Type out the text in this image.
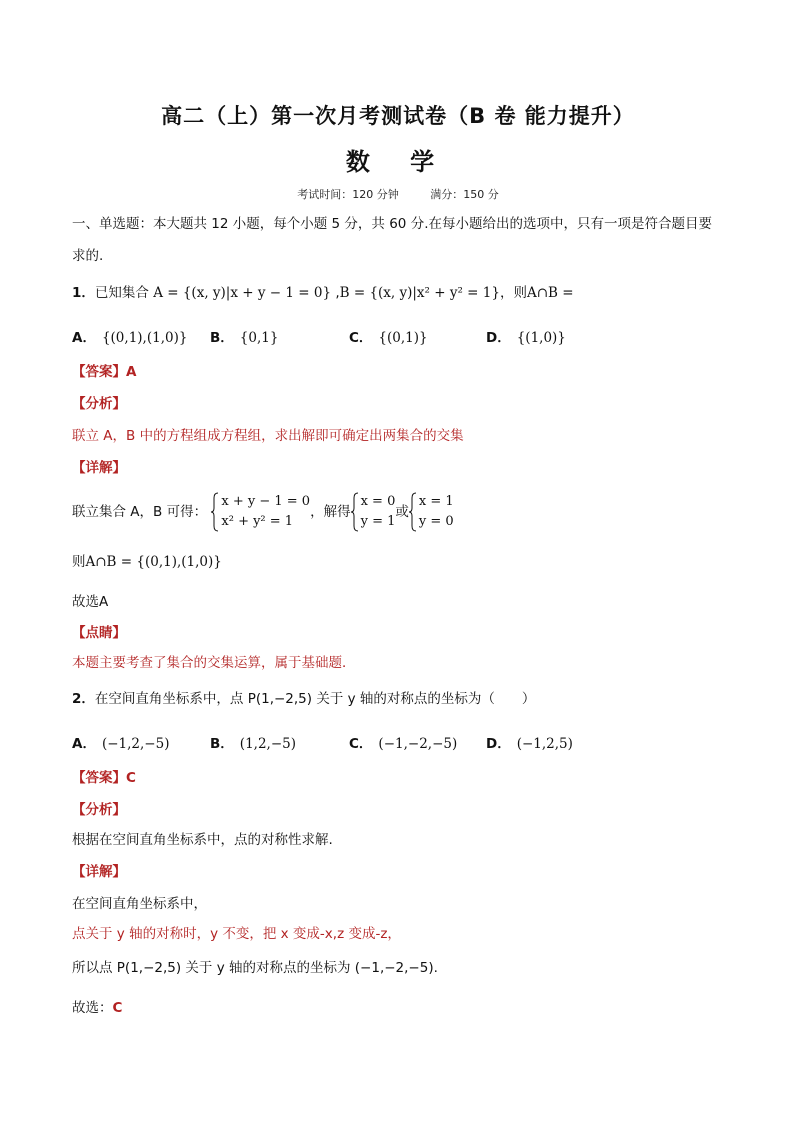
高二（上）第一次月考测试卷（B 卷 能力提升）
数 学
考试时间：120 分钟	满分：150 分
一、单选题：本大题共 12 小题，每个小题 5 分，共 60 分.在每小题给出的选项中，只有一项是符合题目要
求的.
1．已知集合 A = {(x, y)|x + y − 1 = 0} ,B = {(x, y)|x² + y² = 1}，则A∩B =
A． {(0,1),(1,0)} B． {0,1}	C． {(0,1)}	D． {(1,0)}
【答案】A
【分析】
联立 A，B 中的方程组成方程组，求出解即可确定出两集合的交集
【详解】
联立集合 A，B 可得：
x + y − 1 = 0
x² + y² = 1
，解得
x = 0
y = 1
或
x = 1
y = 0
则A∩B = {(0,1),(1,0)}
故选A
【点睛】
本题主要考查了集合的交集运算，属于基础题．
2．在空间直角坐标系中，点 P(1,−2,5) 关于 y 轴的对称点的坐标为（　　）
A． (−1,2,−5)	B． (1,2,−5)	C． (−1,−2,−5) D． (−1,2,5)
【答案】C
【分析】
根据在空间直角坐标系中，点的对称性求解.
【详解】
在空间直角坐标系中，
点关于 y 轴的对称时，y 不变，把 x 变成-x,z 变成-z，
所以点 P(1,−2,5) 关于 y 轴的对称点的坐标为 (−1,−2,−5).
故选：C
